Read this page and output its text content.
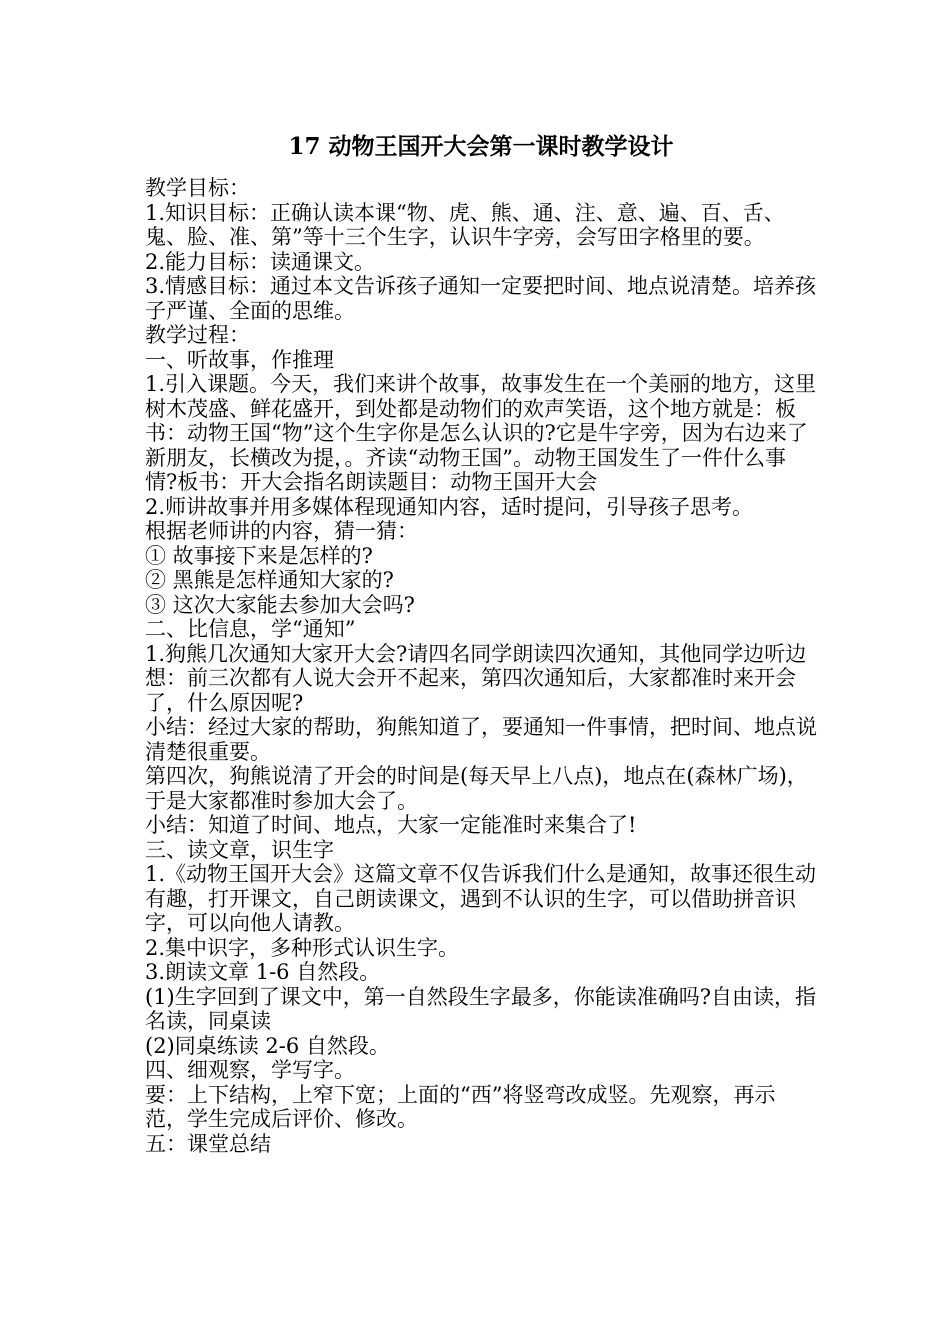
17 动物王国开大会第一课时教学设计
教学目标：
1.知识目标：正确认读本课“物、虎、熊、通、注、意、遍、百、舌、鬼、脸、准、第”等十三个生字，认识牛字旁，会写田字格里的要。
2.能力目标：读通课文。
3.情感目标：通过本文告诉孩子通知一定要把时间、地点说清楚。培养孩子严谨、全面的思维。
教学过程：
一、听故事，作推理
1.引入课题。今天，我们来讲个故事，故事发生在一个美丽的地方，这里树木茂盛、鲜花盛开，到处都是动物们的欢声笑语，这个地方就是：板书：动物王国“物”这个生字你是怎么认识的?它是牛字旁，因为右边来了新朋友，长横改为提，。齐读“动物王国”。动物王国发生了一件什么事情?板书：开大会指名朗读题目：动物王国开大会
2.师讲故事并用多媒体程现通知内容，适时提问，引导孩子思考。
根据老师讲的内容，猜一猜：
① 故事接下来是怎样的?
② 黑熊是怎样通知大家的?
③ 这次大家能去参加大会吗?
二、比信息，学“通知”
1.狗熊几次通知大家开大会?请四名同学朗读四次通知，其他同学边听边想：前三次都有人说大会开不起来，第四次通知后，大家都准时来开会了，什么原因呢?
小结：经过大家的帮助，狗熊知道了，要通知一件事情，把时间、地点说清楚很重要。
第四次，狗熊说清了开会的时间是(每天早上八点)，地点在(森林广场)，于是大家都准时参加大会了。
小结：知道了时间、地点，大家一定能准时来集合了!
三、读文章，识生字
1.《动物王国开大会》这篇文章不仅告诉我们什么是通知，故事还很生动有趣，打开课文，自己朗读课文，遇到不认识的生字，可以借助拼音识字，可以向他人请教。
2.集中识字，多种形式认识生字。
3.朗读文章 1-6 自然段。
(1)生字回到了课文中，第一自然段生字最多，你能读准确吗?自由读，指名读，同桌读
(2)同桌练读 2-6 自然段。
四、细观察，学写字。
要：上下结构，上窄下宽；上面的“西”将竖弯改成竖。先观察，再示范，学生完成后评价、修改。
五：课堂总结
